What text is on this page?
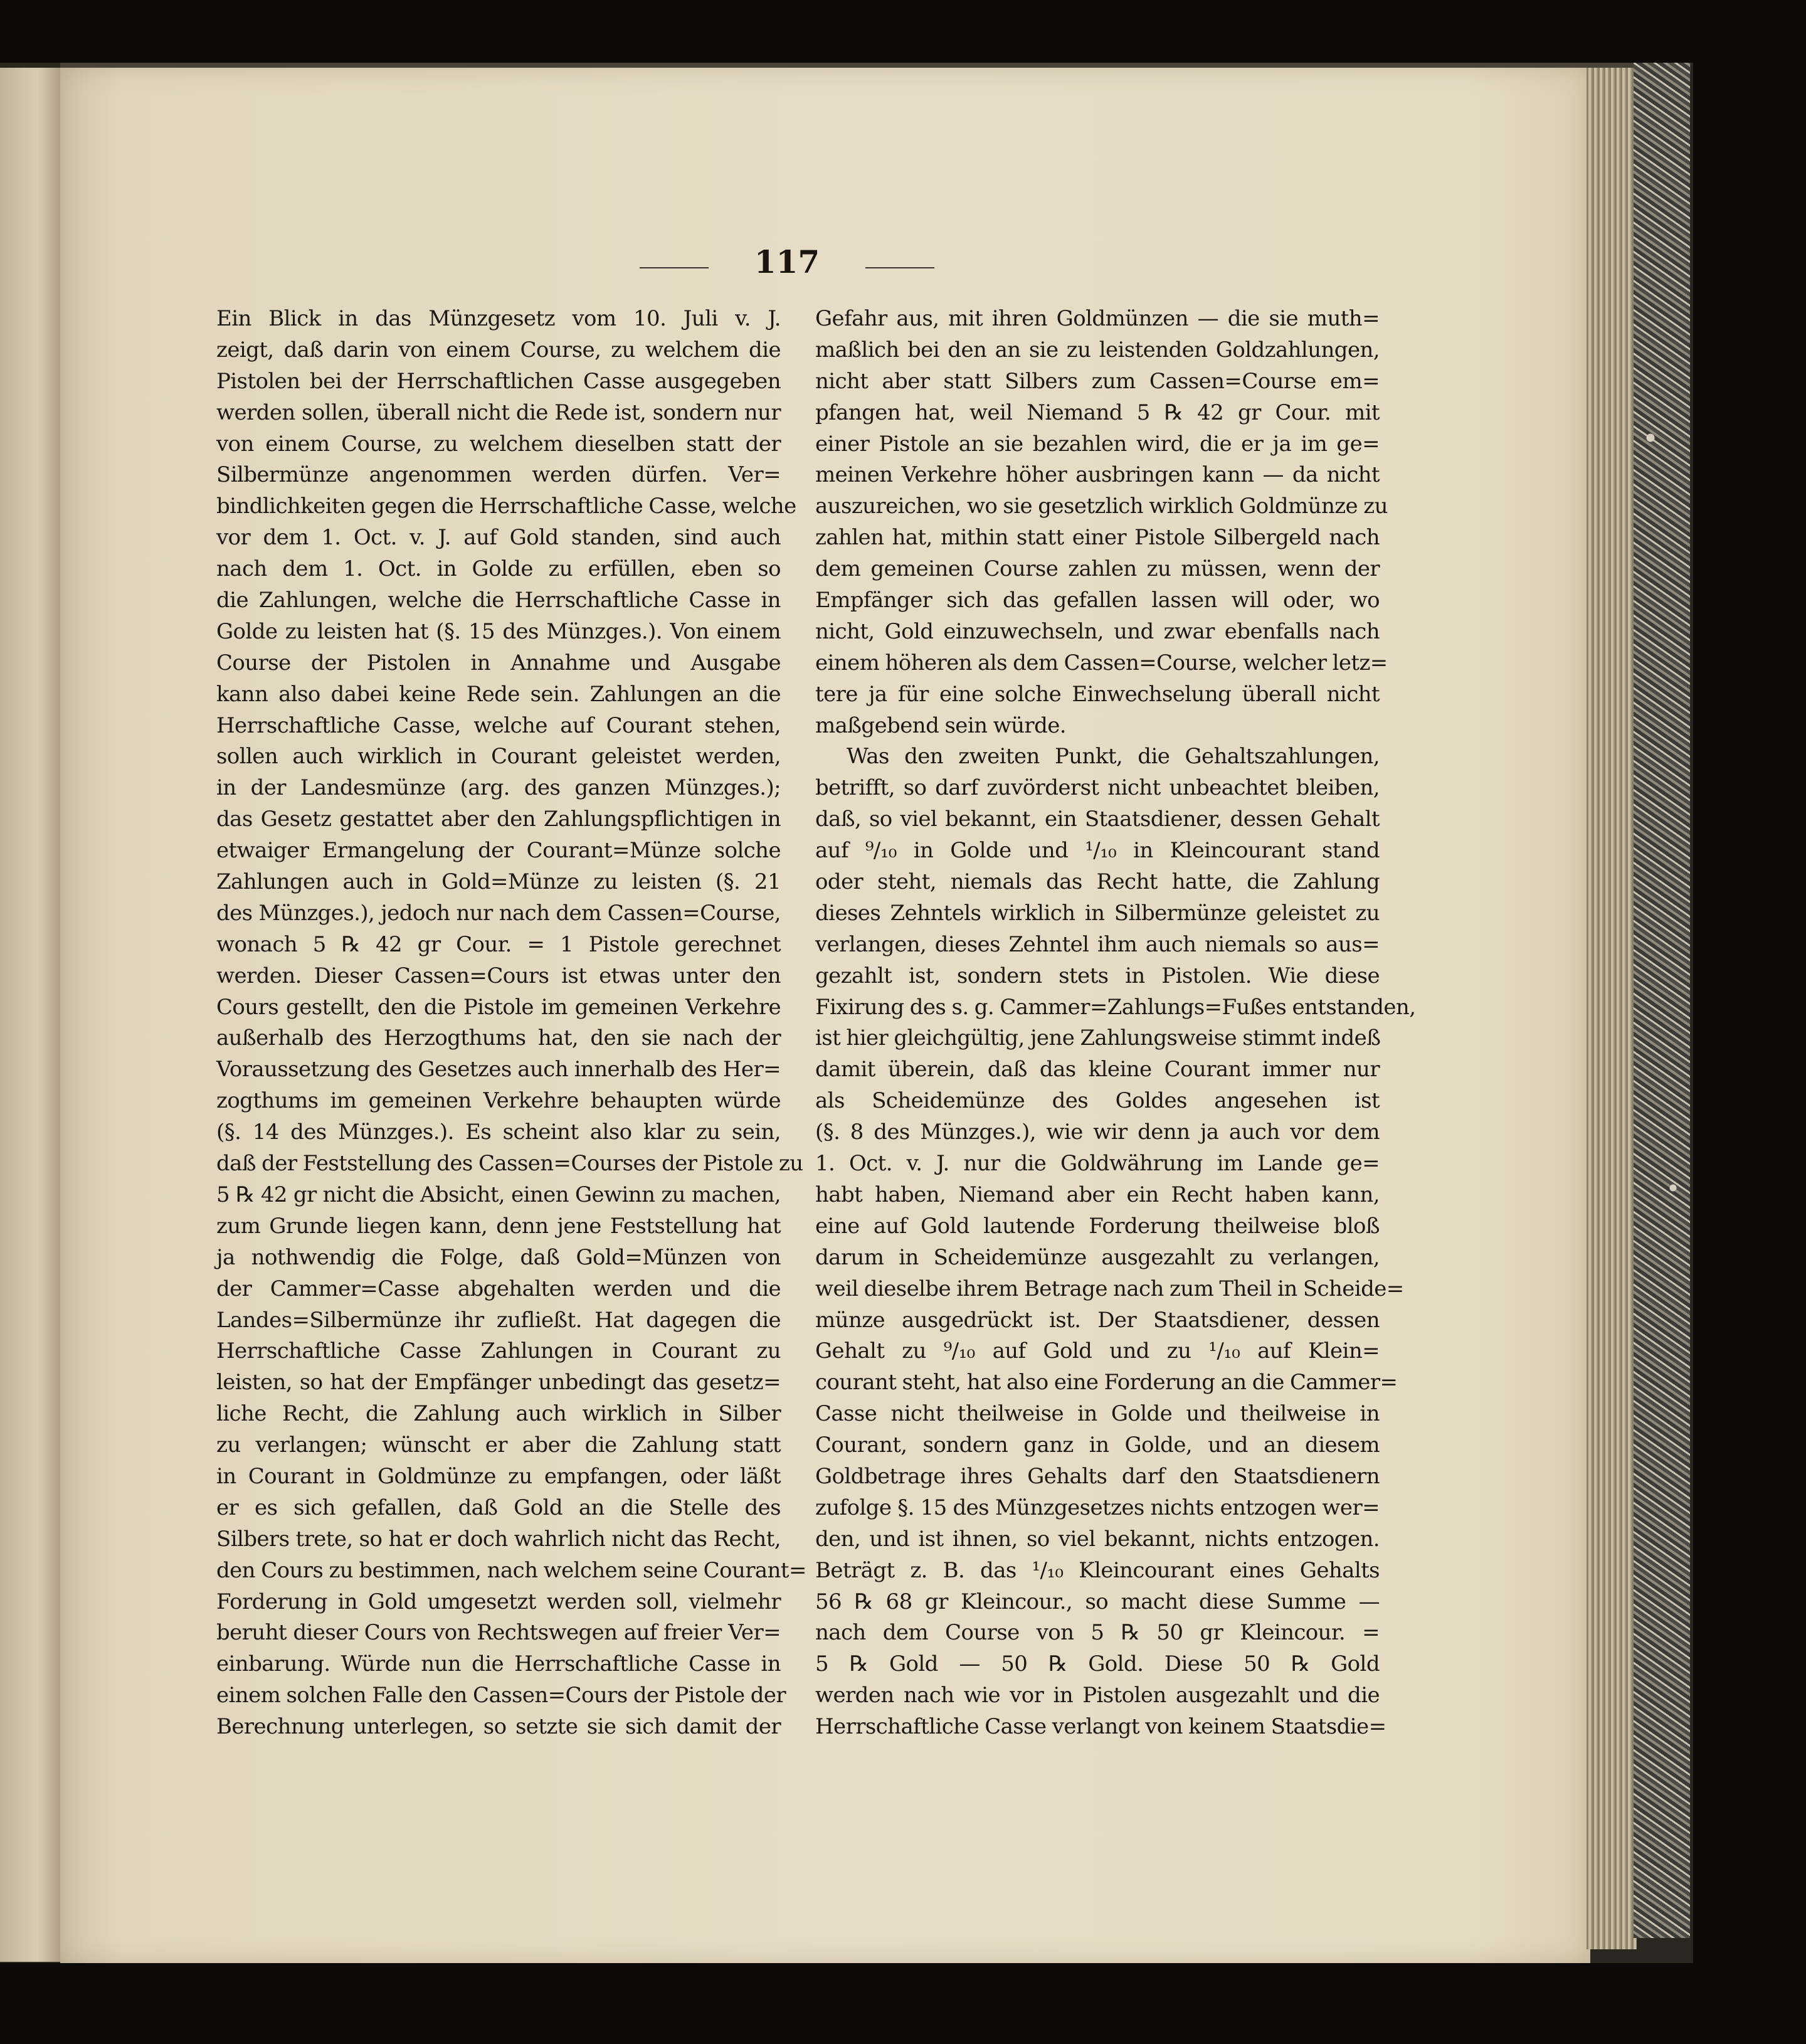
117
Ein Blick in das Münzgesetz vom 10. Juli v. J.
zeigt, daß darin von einem Course, zu welchem die
Pistolen bei der Herrschaftlichen Casse ausgegeben
werden sollen, überall nicht die Rede ist, sondern nur
von einem Course, zu welchem dieselben statt der
Silbermünze angenommen werden dürfen. Ver=
bindlichkeiten gegen die Herrschaftliche Casse, welche
vor dem 1. Oct. v. J. auf Gold standen, sind auch
nach dem 1. Oct. in Golde zu erfüllen, eben so
die Zahlungen, welche die Herrschaftliche Casse in
Golde zu leisten hat (§. 15 des Münzges.). Von einem
Course der Pistolen in Annahme und Ausgabe
kann also dabei keine Rede sein. Zahlungen an die
Herrschaftliche Casse, welche auf Courant stehen,
sollen auch wirklich in Courant geleistet werden,
in der Landesmünze (arg. des ganzen Münzges.);
das Gesetz gestattet aber den Zahlungspflichtigen in
etwaiger Ermangelung der Courant=Münze solche
Zahlungen auch in Gold=Münze zu leisten (§. 21
des Münzges.), jedoch nur nach dem Cassen=Course,
wonach 5 ℞ 42 gr Cour. = 1 Pistole gerechnet
werden. Dieser Cassen=Cours ist etwas unter den
Cours gestellt, den die Pistole im gemeinen Verkehre
außerhalb des Herzogthums hat, den sie nach der
Voraussetzung des Gesetzes auch innerhalb des Her=
zogthums im gemeinen Verkehre behaupten würde
(§. 14 des Münzges.). Es scheint also klar zu sein,
daß der Feststellung des Cassen=Courses der Pistole zu
5 ℞ 42 gr nicht die Absicht, einen Gewinn zu machen,
zum Grunde liegen kann, denn jene Feststellung hat
ja nothwendig die Folge, daß Gold=Münzen von
der Cammer=Casse abgehalten werden und die
Landes=Silbermünze ihr zufließt. Hat dagegen die
Herrschaftliche Casse Zahlungen in Courant zu
leisten, so hat der Empfänger unbedingt das gesetz=
liche Recht, die Zahlung auch wirklich in Silber
zu verlangen; wünscht er aber die Zahlung statt
in Courant in Goldmünze zu empfangen, oder läßt
er es sich gefallen, daß Gold an die Stelle des
Silbers trete, so hat er doch wahrlich nicht das Recht,
den Cours zu bestimmen, nach welchem seine Courant=
Forderung in Gold umgesetzt werden soll, vielmehr
beruht dieser Cours von Rechtswegen auf freier Ver=
einbarung. Würde nun die Herrschaftliche Casse in
einem solchen Falle den Cassen=Cours der Pistole der
Berechnung unterlegen, so setzte sie sich damit der
Gefahr aus, mit ihren Goldmünzen — die sie muth=
maßlich bei den an sie zu leistenden Goldzahlungen,
nicht aber statt Silbers zum Cassen=Course em=
pfangen hat, weil Niemand 5 ℞ 42 gr Cour. mit
einer Pistole an sie bezahlen wird, die er ja im ge=
meinen Verkehre höher ausbringen kann — da nicht
auszureichen, wo sie gesetzlich wirklich Goldmünze zu
zahlen hat, mithin statt einer Pistole Silbergeld nach
dem gemeinen Course zahlen zu müssen, wenn der
Empfänger sich das gefallen lassen will oder, wo
nicht, Gold einzuwechseln, und zwar ebenfalls nach
einem höheren als dem Cassen=Course, welcher letz=
tere ja für eine solche Einwechselung überall nicht
maßgebend sein würde.
Was den zweiten Punkt, die Gehaltszahlungen,
betrifft, so darf zuvörderst nicht unbeachtet bleiben,
daß, so viel bekannt, ein Staatsdiener, dessen Gehalt
auf ⁹/₁₀ in Golde und ¹/₁₀ in Kleincourant stand
oder steht, niemals das Recht hatte, die Zahlung
dieses Zehntels wirklich in Silbermünze geleistet zu
verlangen, dieses Zehntel ihm auch niemals so aus=
gezahlt ist, sondern stets in Pistolen. Wie diese
Fixirung des s. g. Cammer=Zahlungs=Fußes entstanden,
ist hier gleichgültig, jene Zahlungsweise stimmt indeß
damit überein, daß das kleine Courant immer nur
als Scheidemünze des Goldes angesehen ist
(§. 8 des Münzges.), wie wir denn ja auch vor dem
1. Oct. v. J. nur die Goldwährung im Lande ge=
habt haben, Niemand aber ein Recht haben kann,
eine auf Gold lautende Forderung theilweise bloß
darum in Scheidemünze ausgezahlt zu verlangen,
weil dieselbe ihrem Betrage nach zum Theil in Scheide=
münze ausgedrückt ist. Der Staatsdiener, dessen
Gehalt zu ⁹/₁₀ auf Gold und zu ¹/₁₀ auf Klein=
courant steht, hat also eine Forderung an die Cammer=
Casse nicht theilweise in Golde und theilweise in
Courant, sondern ganz in Golde, und an diesem
Goldbetrage ihres Gehalts darf den Staatsdienern
zufolge §. 15 des Münzgesetzes nichts entzogen wer=
den, und ist ihnen, so viel bekannt, nichts entzogen.
Beträgt z. B. das ¹/₁₀ Kleincourant eines Gehalts
56 ℞ 68 gr Kleincour., so macht diese Summe —
nach dem Course von 5 ℞ 50 gr Kleincour. =
5 ℞ Gold — 50 ℞ Gold. Diese 50 ℞ Gold
werden nach wie vor in Pistolen ausgezahlt und die
Herrschaftliche Casse verlangt von keinem Staatsdie=
